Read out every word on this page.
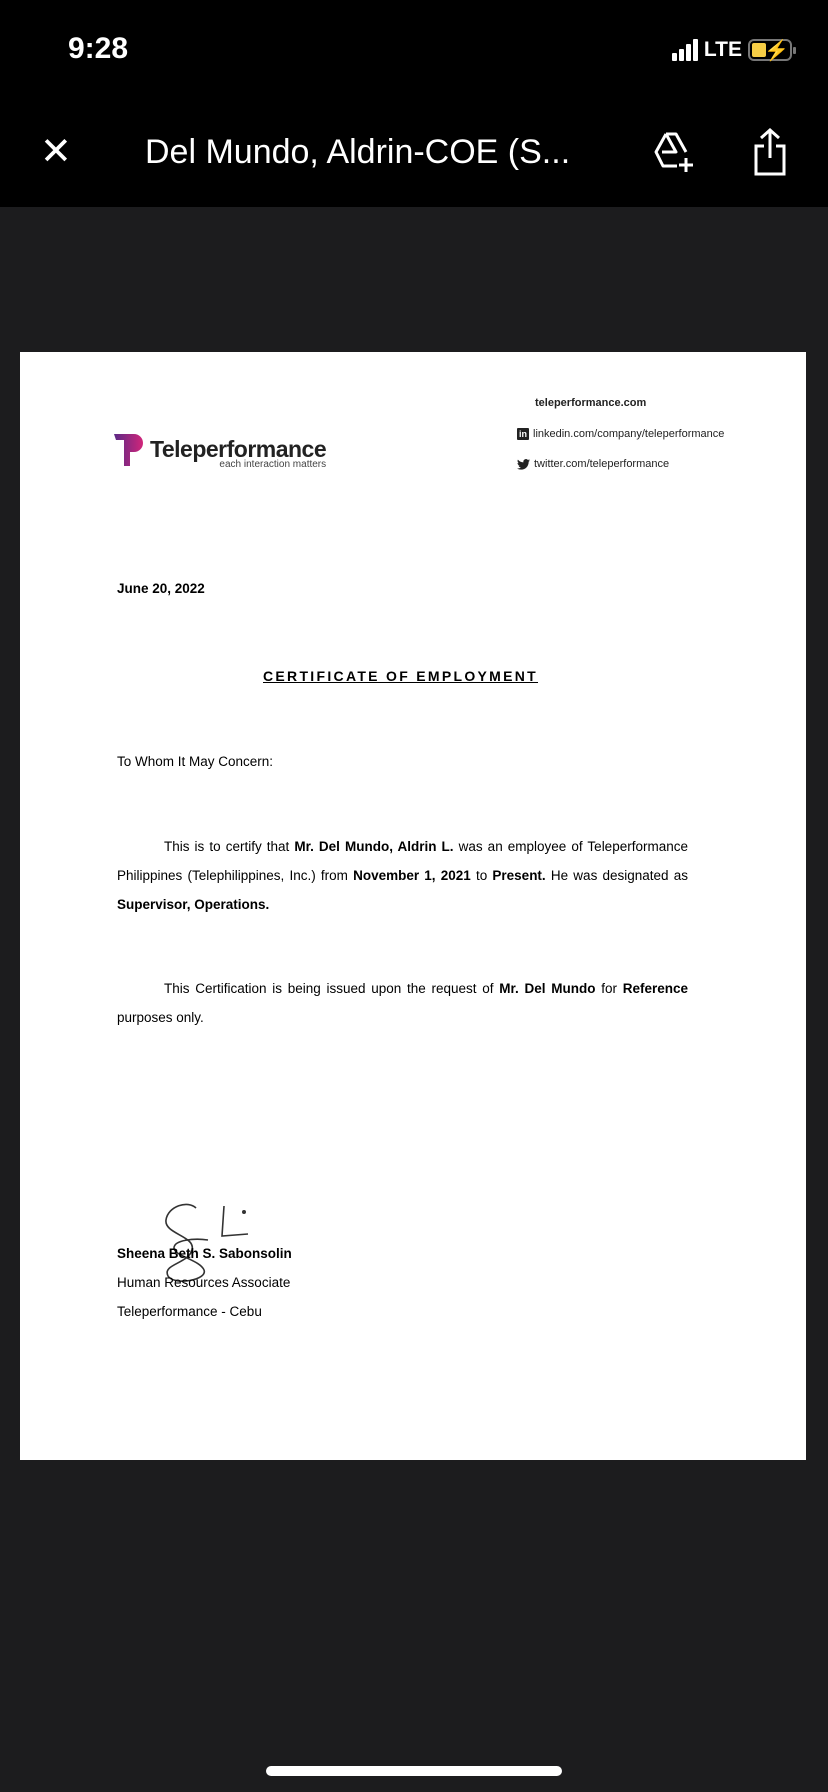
9:28	LTE ⚡
✕ Del Mundo, Aldrin-COE (S...
Teleperformance
each interaction matters
teleperformance.com
in linkedin.com/company/teleperformance
twitter.com/teleperformance
June 20, 2022
CERTIFICATE OF EMPLOYMENT
To Whom It May Concern:

This is to certify that Mr. Del Mundo, Aldrin L. was an employee of Teleperformance Philippines (Telephilippines, Inc.) from November 1, 2021 to Present. He was designated as Supervisor, Operations.

This Certification is being issued upon the request of Mr. Del Mundo for Reference purposes only.

Sheena Beth S. Sabonsolin
Human Resources Associate
Teleperformance - Cebu
